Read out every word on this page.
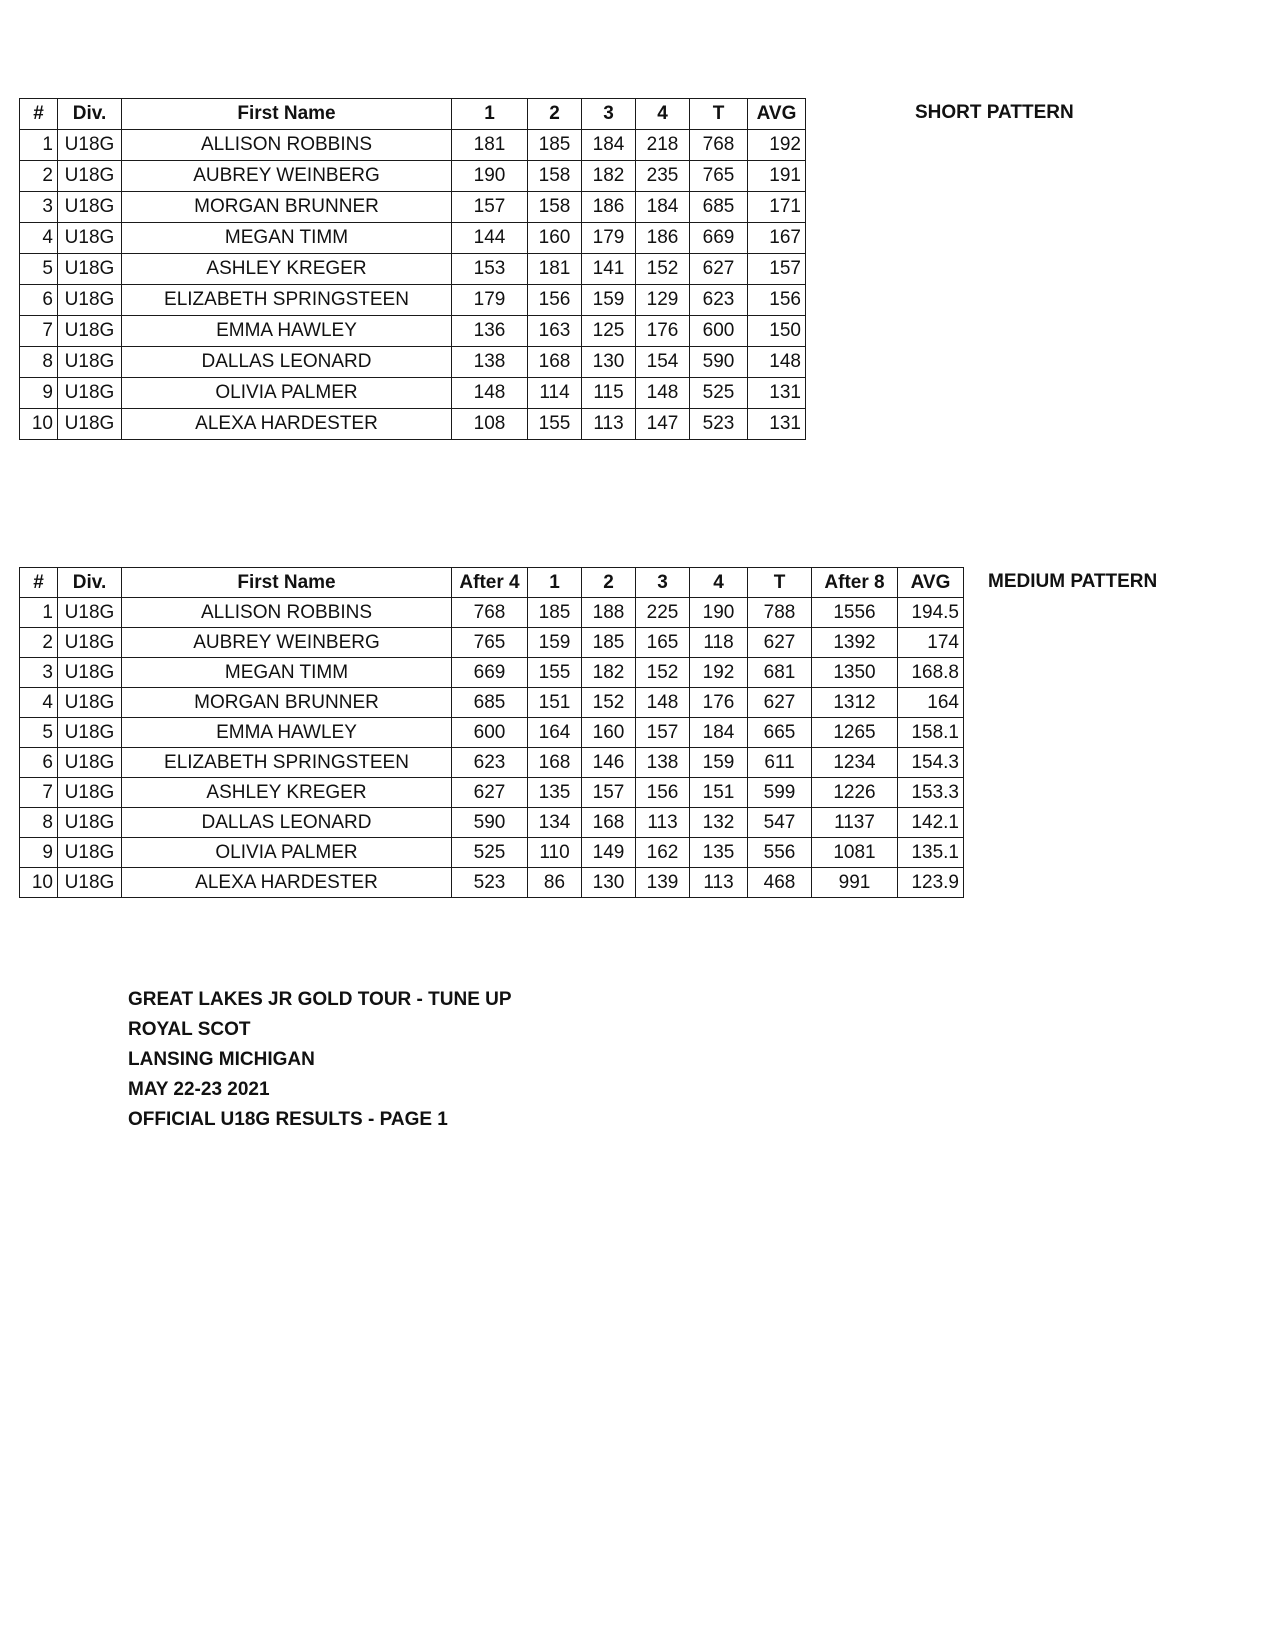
#	Div.	First Name	1	2	3	4	T	AVG
1	U18G	ALLISON ROBBINS	181	185	184	218	768	192
2	U18G	AUBREY WEINBERG	190	158	182	235	765	191
3	U18G	MORGAN BRUNNER	157	158	186	184	685	171
4	U18G	MEGAN TIMM	144	160	179	186	669	167
5	U18G	ASHLEY KREGER	153	181	141	152	627	157
6	U18G	ELIZABETH SPRINGSTEEN	179	156	159	129	623	156
7	U18G	EMMA HAWLEY	136	163	125	176	600	150
8	U18G	DALLAS LEONARD	138	168	130	154	590	148
9	U18G	OLIVIA PALMER	148	114	115	148	525	131
10	U18G	ALEXA HARDESTER	108	155	113	147	523	131
SHORT PATTERN
#	Div.	First Name	After 4	1	2	3	4	T	After 8	AVG
1	U18G	ALLISON ROBBINS	768	185	188	225	190	788	1556	194.5
2	U18G	AUBREY WEINBERG	765	159	185	165	118	627	1392	174
3	U18G	MEGAN TIMM	669	155	182	152	192	681	1350	168.8
4	U18G	MORGAN BRUNNER	685	151	152	148	176	627	1312	164
5	U18G	EMMA HAWLEY	600	164	160	157	184	665	1265	158.1
6	U18G	ELIZABETH SPRINGSTEEN	623	168	146	138	159	611	1234	154.3
7	U18G	ASHLEY KREGER	627	135	157	156	151	599	1226	153.3
8	U18G	DALLAS LEONARD	590	134	168	113	132	547	1137	142.1
9	U18G	OLIVIA PALMER	525	110	149	162	135	556	1081	135.1
10	U18G	ALEXA HARDESTER	523	86	130	139	113	468	991	123.9
MEDIUM PATTERN
GREAT LAKES JR GOLD TOUR - TUNE UP
ROYAL SCOT
LANSING MICHIGAN
MAY 22-23 2021
OFFICIAL U18G RESULTS - PAGE 1
